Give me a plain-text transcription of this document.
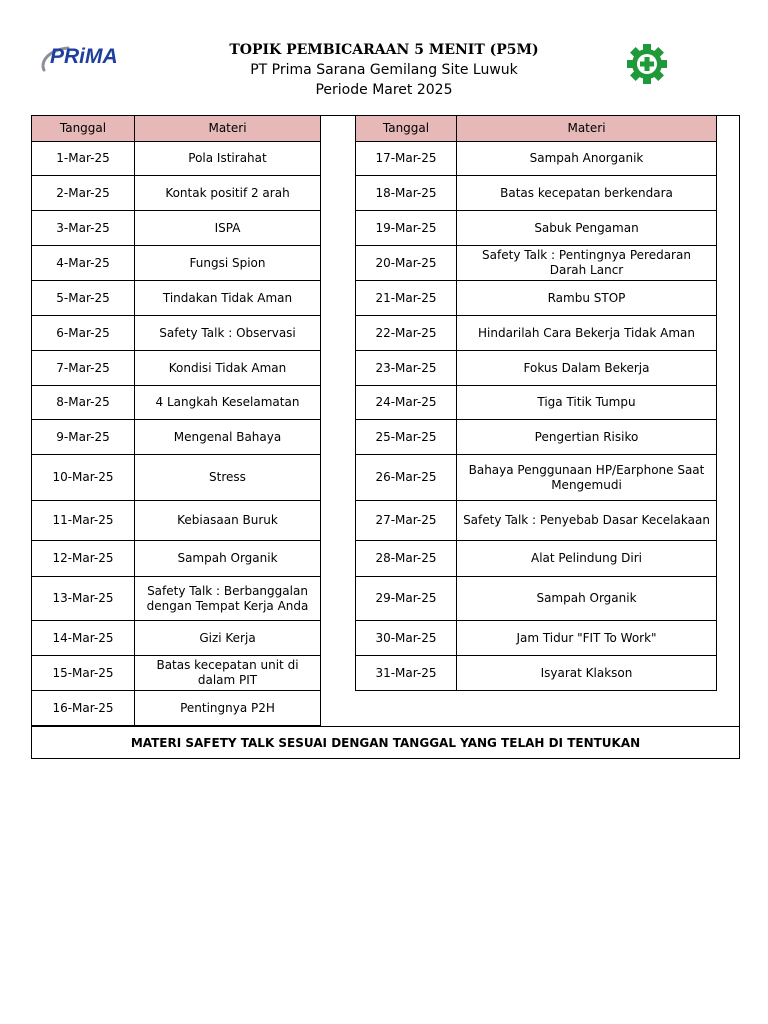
PRiMA	TOPIK PEMBICARAAN 5 MENIT (P5M)
PT Prima Sarana Gemilang Site Luwuk
Periode Maret 2025
Tanggal	Materi
1-Mar-25	Pola Istirahat
2-Mar-25	Kontak positif 2 arah
3-Mar-25	ISPA
4-Mar-25	Fungsi Spion
5-Mar-25	Tindakan Tidak Aman
6-Mar-25	Safety Talk : Observasi
7-Mar-25	Kondisi Tidak Aman
8-Mar-25	4 Langkah Keselamatan
9-Mar-25	Mengenal Bahaya
10-Mar-25	Stress
11-Mar-25	Kebiasaan Buruk
12-Mar-25	Sampah Organik
13-Mar-25	Safety Talk : Berbanggalan dengan Tempat Kerja Anda
14-Mar-25	Gizi Kerja
15-Mar-25	Batas kecepatan unit di dalam PIT
16-Mar-25	Pentingnya P2H
Tanggal	Materi
17-Mar-25	Sampah Anorganik
18-Mar-25	Batas kecepatan berkendara
19-Mar-25	Sabuk Pengaman
20-Mar-25	Safety Talk : Pentingnya Peredaran Darah Lancr
21-Mar-25	Rambu STOP
22-Mar-25	Hindarilah Cara Bekerja Tidak Aman
23-Mar-25	Fokus Dalam Bekerja
24-Mar-25	Tiga Titik Tumpu
25-Mar-25	Pengertian Risiko
26-Mar-25	Bahaya Penggunaan HP/Earphone Saat Mengemudi
27-Mar-25	Safety Talk : Penyebab Dasar Kecelakaan
28-Mar-25	Alat Pelindung Diri
29-Mar-25	Sampah Organik
30-Mar-25	Jam Tidur "FIT To Work"
31-Mar-25	Isyarat Klakson
MATERI SAFETY TALK SESUAI DENGAN TANGGAL YANG TELAH DI TENTUKAN
